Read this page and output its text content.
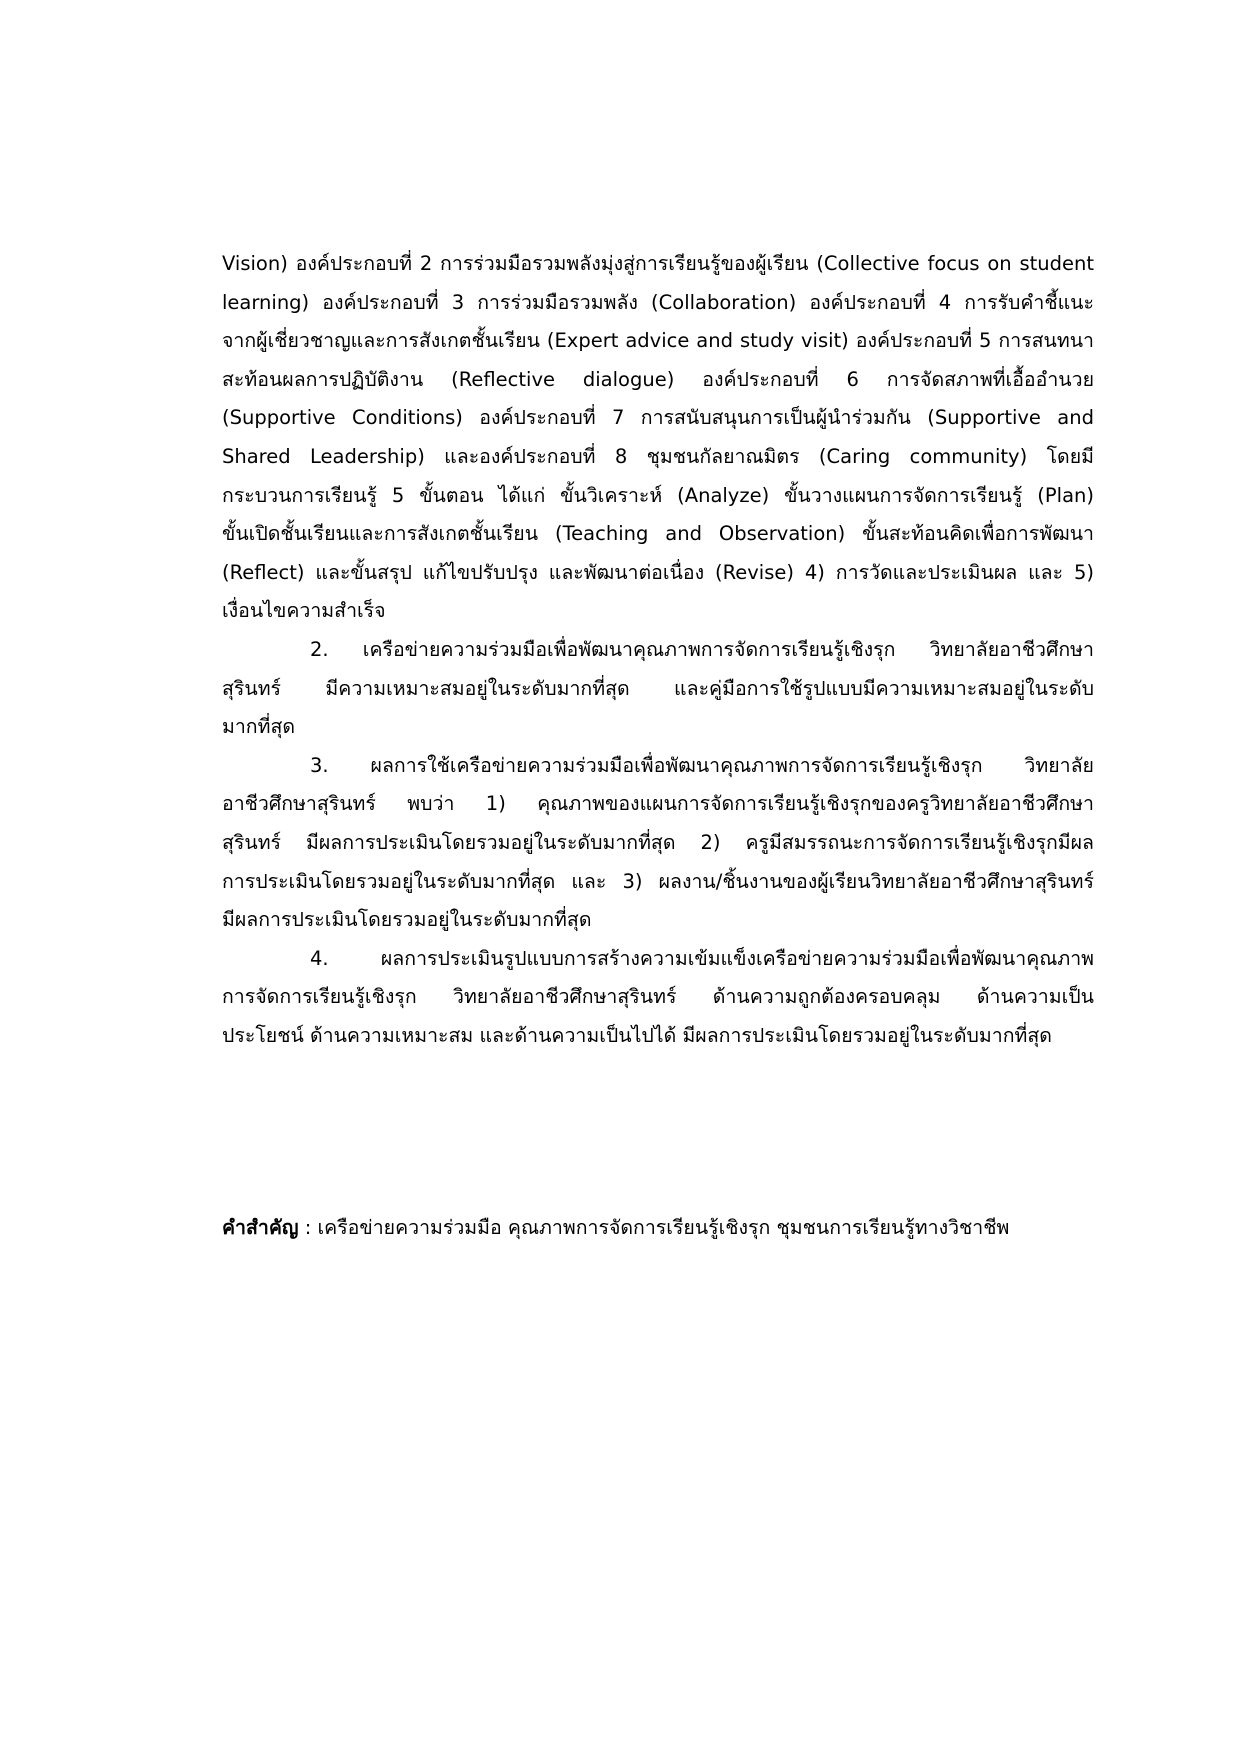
Vision) องค์ประกอบที่ 2 การร่วมมือรวมพลังมุ่งสู่การเรียนรู้ของผู้เรียน (Collective focus on student
learning) องค์ประกอบที่ 3 การร่วมมือรวมพลัง (Collaboration) องค์ประกอบที่ 4 การรับคำชี้แนะ
จากผู้เชี่ยวชาญและการสังเกตชั้นเรียน (Expert advice and study visit) องค์ประกอบที่ 5 การสนทนา
สะท้อนผลการปฏิบัติงาน (Reflective dialogue) องค์ประกอบที่ 6 การจัดสภาพที่เอื้ออำนวย
(Supportive Conditions) องค์ประกอบที่ 7 การสนับสนุนการเป็นผู้นำร่วมกัน (Supportive and
Shared Leadership) และองค์ประกอบที่ 8 ชุมชนกัลยาณมิตร (Caring community) โดยมี
กระบวนการเรียนรู้ 5 ขั้นตอน ได้แก่ ขั้นวิเคราะห์ (Analyze) ขั้นวางแผนการจัดการเรียนรู้ (Plan)
ขั้นเปิดชั้นเรียนและการสังเกตชั้นเรียน (Teaching and Observation) ขั้นสะท้อนคิดเพื่อการพัฒนา
(Reflect) และขั้นสรุป แก้ไขปรับปรุง และพัฒนาต่อเนื่อง (Revise) 4) การวัดและประเมินผล และ 5)
เงื่อนไขความสำเร็จ
2. เครือข่ายความร่วมมือเพื่อพัฒนาคุณภาพการจัดการเรียนรู้เชิงรุก วิทยาลัยอาชีวศึกษา
สุรินทร์ มีความเหมาะสมอยู่ในระดับมากที่สุด และคู่มือการใช้รูปแบบมีความเหมาะสมอยู่ในระดับ
มากที่สุด
3. ผลการใช้เครือข่ายความร่วมมือเพื่อพัฒนาคุณภาพการจัดการเรียนรู้เชิงรุก วิทยาลัย
อาชีวศึกษาสุรินทร์ พบว่า 1) คุณภาพของแผนการจัดการเรียนรู้เชิงรุกของครูวิทยาลัยอาชีวศึกษา
สุรินทร์ มีผลการประเมินโดยรวมอยู่ในระดับมากที่สุด 2) ครูมีสมรรถนะการจัดการเรียนรู้เชิงรุกมีผล
การประเมินโดยรวมอยู่ในระดับมากที่สุด และ 3) ผลงาน/ชิ้นงานของผู้เรียนวิทยาลัยอาชีวศึกษาสุรินทร์
มีผลการประเมินโดยรวมอยู่ในระดับมากที่สุด
4. ผลการประเมินรูปแบบการสร้างความเข้มแข็งเครือข่ายความร่วมมือเพื่อพัฒนาคุณภาพ
การจัดการเรียนรู้เชิงรุก วิทยาลัยอาชีวศึกษาสุรินทร์ ด้านความถูกต้องครอบคลุม ด้านความเป็น
ประโยชน์ ด้านความเหมาะสม และด้านความเป็นไปได้ มีผลการประเมินโดยรวมอยู่ในระดับมากที่สุด
คำสำคัญ : เครือข่ายความร่วมมือ คุณภาพการจัดการเรียนรู้เชิงรุก ชุมชนการเรียนรู้ทางวิชาชีพ
